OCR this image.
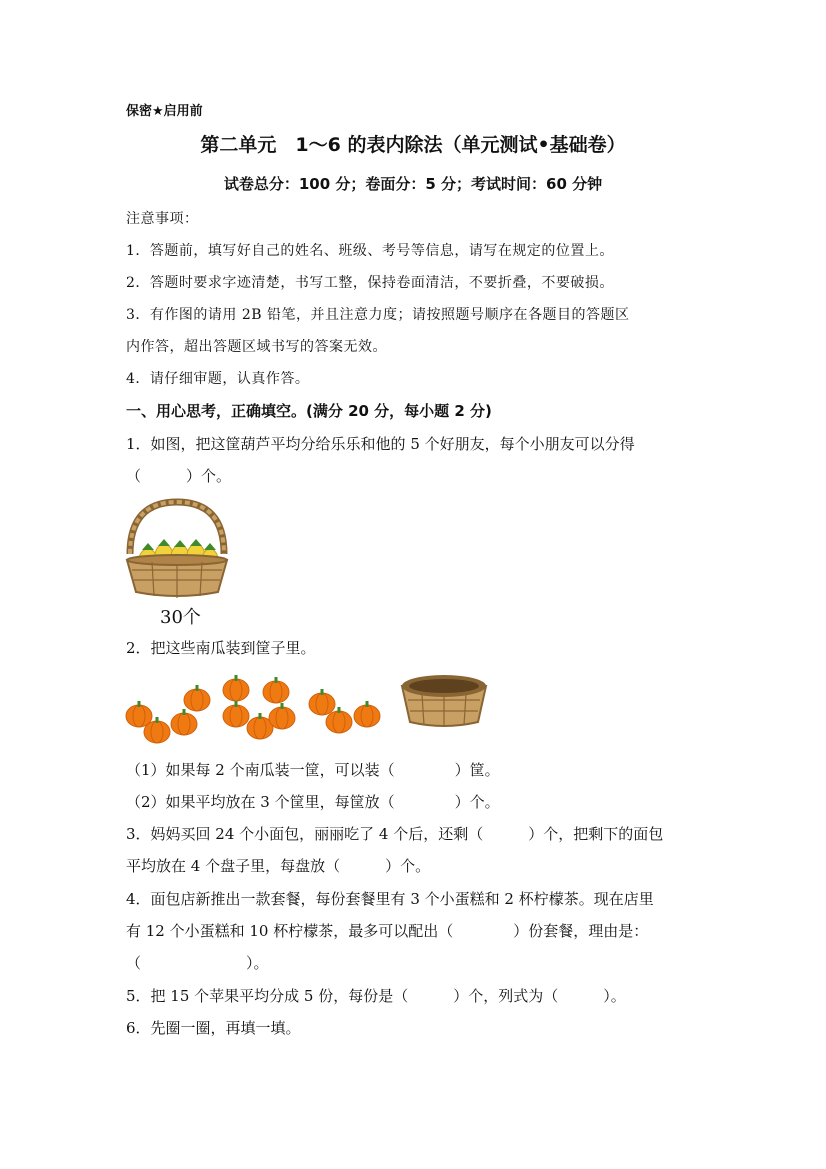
保密★启用前
第二单元　1～6 的表内除法（单元测试•基础卷）
试卷总分：100 分；卷面分：5 分；考试时间：60 分钟
注意事项：
1．答题前，填写好自己的姓名、班级、考号等信息，请写在规定的位置上。
2．答题时要求字迹清楚，书写工整，保持卷面清洁，不要折叠，不要破损。
3．有作图的请用 2B 铅笔，并且注意力度；请按照题号顺序在各题目的答题区
内作答，超出答题区域书写的答案无效。
4．请仔细审题，认真作答。
一、用心思考，正确填空。(满分 20 分，每小题 2 分)
1．如图，把这筐葫芦平均分给乐乐和他的 5 个好朋友，每个小朋友可以分得
（　　　）个。
30个
2．把这些南瓜装到筐子里。
（1）如果每 2 个南瓜装一筐，可以装（　　　　）筐。
（2）如果平均放在 3 个筐里，每筐放（　　　　）个。
3．妈妈买回 24 个小面包，丽丽吃了 4 个后，还剩（　　　）个，把剩下的面包
平均放在 4 个盘子里，每盘放（　　　）个。
4．面包店新推出一款套餐，每份套餐里有 3 个小蛋糕和 2 杯柠檬茶。现在店里
有 12 个小蛋糕和 10 杯柠檬茶，最多可以配出（　　　　）份套餐，理由是：
（　　　　　　　）。
5．把 15 个苹果平均分成 5 份，每份是（　　　）个，列式为（　　　）。
6．先圈一圈，再填一填。
